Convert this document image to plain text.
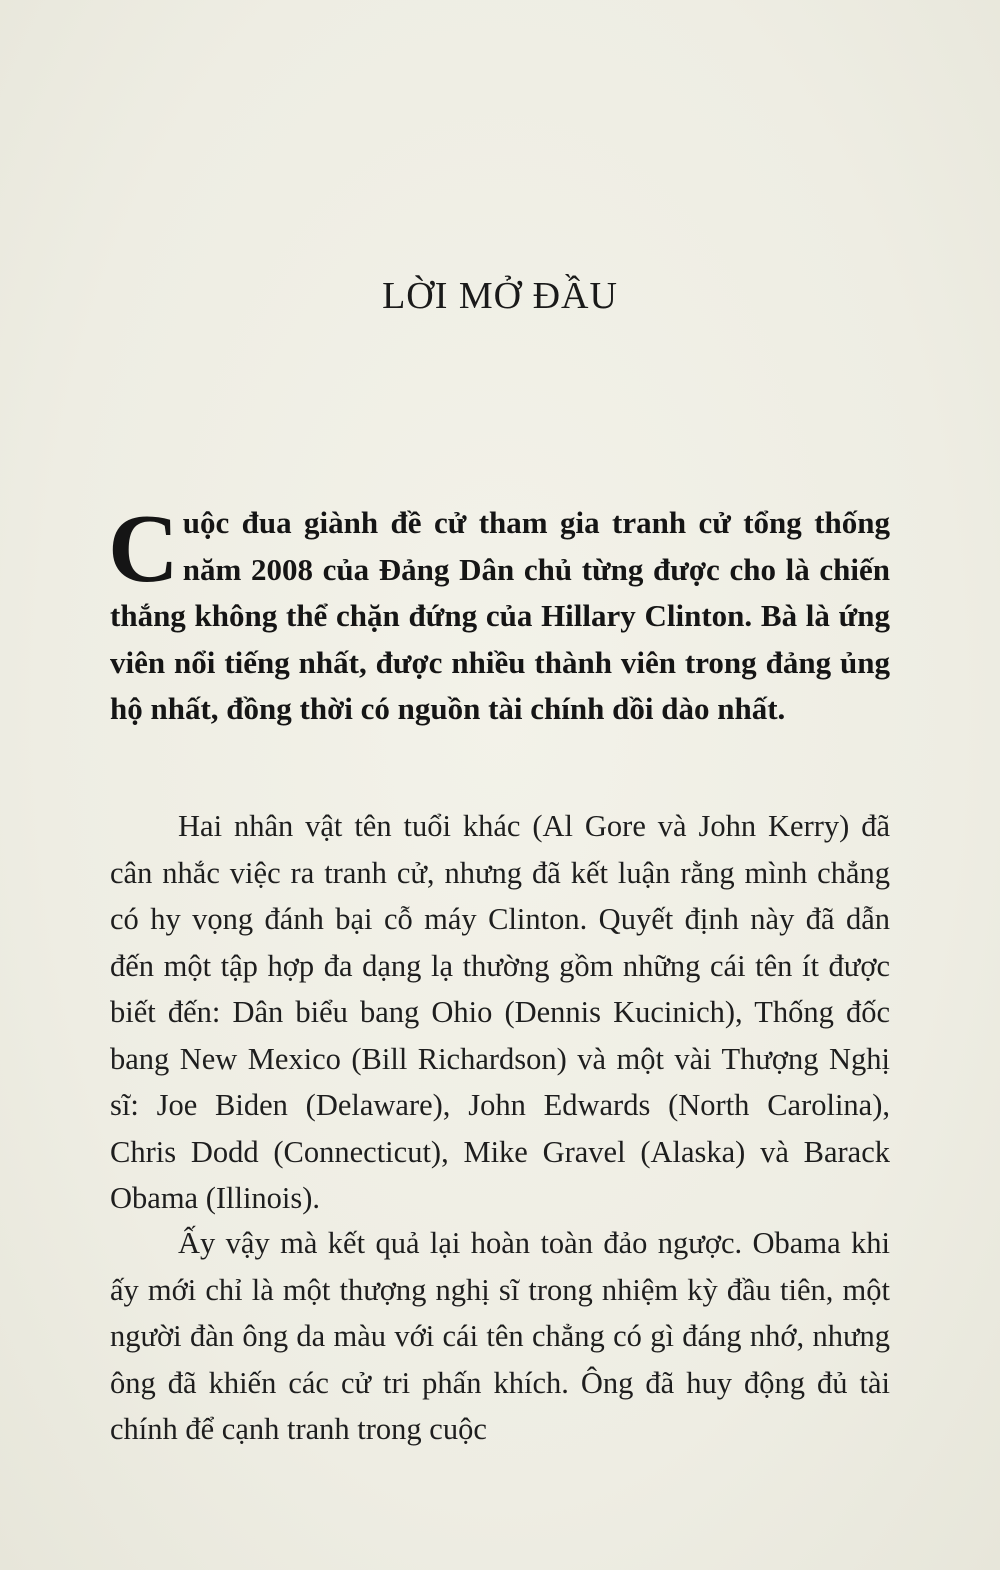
LỜI MỞ ĐẦU
Cuộc đua giành đề cử tham gia tranh cử tổng thống năm 2008 của Đảng Dân chủ từng được cho là chiến thắng không thể chặn đứng của Hillary Clinton. Bà là ứng viên nổi tiếng nhất, được nhiều thành viên trong đảng ủng hộ nhất, đồng thời có nguồn tài chính dồi dào nhất.
Hai nhân vật tên tuổi khác (Al Gore và John Kerry) đã cân nhắc việc ra tranh cử, nhưng đã kết luận rằng mình chẳng có hy vọng đánh bại cỗ máy Clinton. Quyết định này đã dẫn đến một tập hợp đa dạng lạ thường gồm những cái tên ít được biết đến: Dân biểu bang Ohio (Dennis Kucinich), Thống đốc bang New Mexico (Bill Richardson) và một vài Thượng Nghị sĩ: Joe Biden (Delaware), John Edwards (North Carolina), Chris Dodd (Connecticut), Mike Gravel (Alaska) và Barack Obama (Illinois).
Ấy vậy mà kết quả lại hoàn toàn đảo ngược. Obama khi ấy mới chỉ là một thượng nghị sĩ trong nhiệm kỳ đầu tiên, một người đàn ông da màu với cái tên chẳng có gì đáng nhớ, nhưng ông đã khiến các cử tri phấn khích. Ông đã huy động đủ tài chính để cạnh tranh trong cuộc
